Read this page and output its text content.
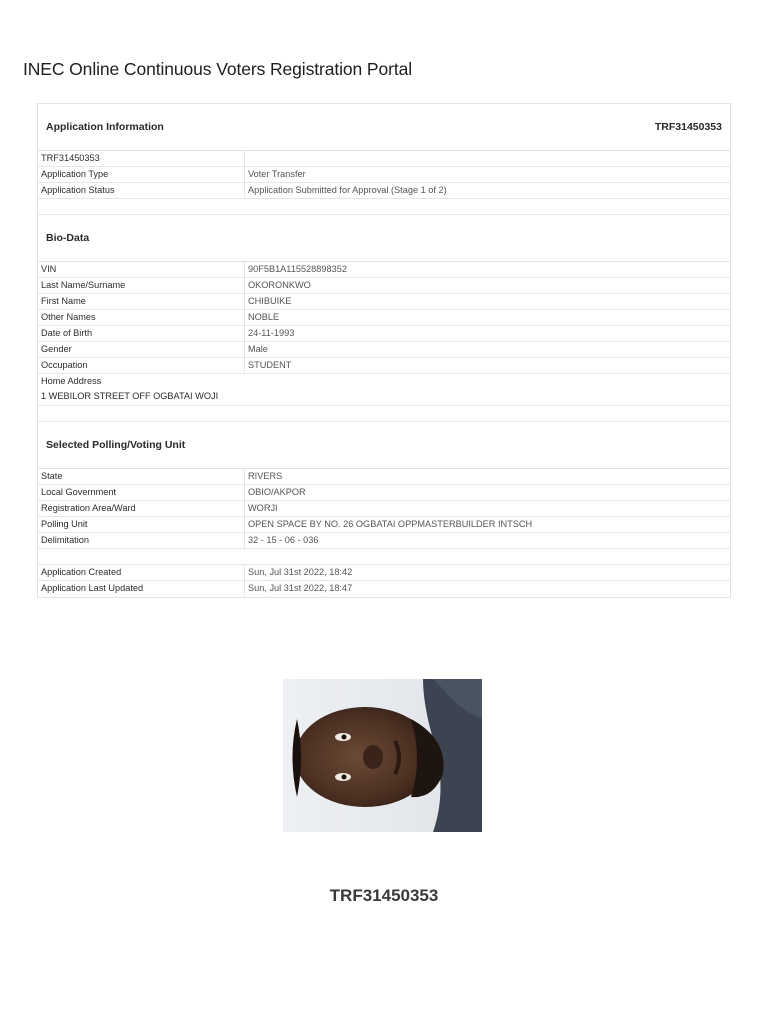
INEC Online Continuous Voters Registration Portal
Application Information	TRF31450353
TRF31450353
Application Type	Voter Transfer
Application Status	Application Submitted for Approval (Stage 1 of 2)
Bio-Data
VIN	90F5B1A115528898352
Last Name/Surname	OKORONKWO
First Name	CHIBUIKE
Other Names	NOBLE
Date of Birth	24-11-1993
Gender	Male
Occupation	STUDENT
Home Address
1 WEBILOR STREET OFF OGBATAI WOJI
Selected Polling/Voting Unit
State	RIVERS
Local Government	OBIO/AKPOR
Registration Area/Ward	WORJI
Polling Unit	OPEN SPACE BY NO. 26 OGBATAI OPPMASTERBUILDER INTSCH
Delimitation	32 - 15 - 06 - 036
Application Created	Sun, Jul 31st 2022, 18:42
Application Last Updated	Sun, Jul 31st 2022, 18:47
TRF31450353
